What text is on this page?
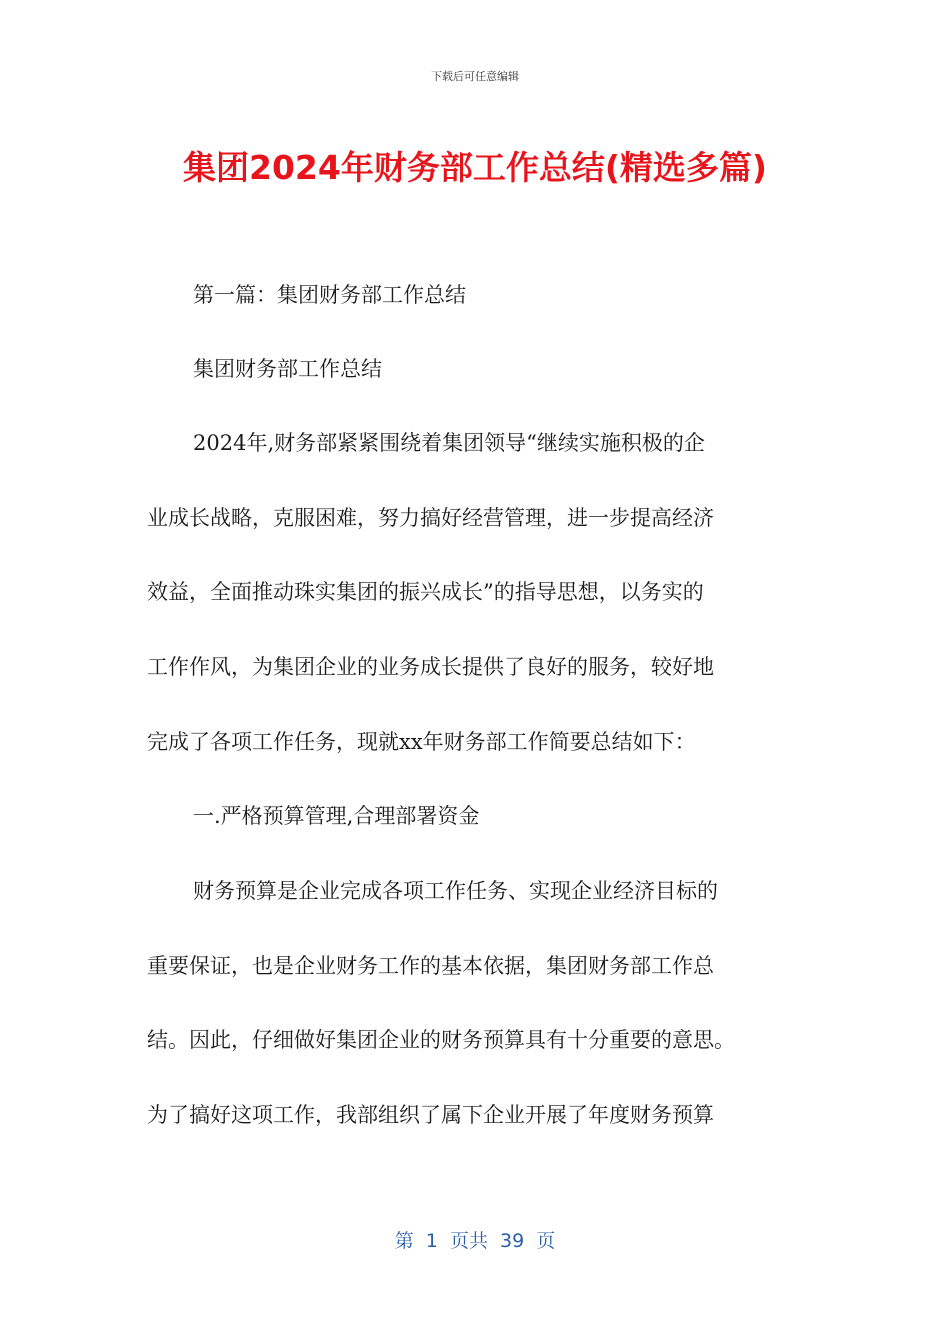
下载后可任意编辑
集团2024年财务部工作总结(精选多篇)
第一篇：集团财务部工作总结
集团财务部工作总结
2024年,财务部紧紧围绕着集团领导“继续实施积极的企
业成长战略，克服困难，努力搞好经营管理，进一步提高经济
效益，全面推动珠实集团的振兴成长”的指导思想，以务实的
工作作风，为集团企业的业务成长提供了良好的服务，较好地
完成了各项工作任务，现就xx年财务部工作简要总结如下：
一.严格预算管理,合理部署资金
财务预算是企业完成各项工作任务、实现企业经济目标的
重要保证，也是企业财务工作的基本依据，集团财务部工作总
结。因此，仔细做好集团企业的财务预算具有十分重要的意思。
为了搞好这项工作，我部组织了属下企业开展了年度财务预算
第  1  页共  39  页
